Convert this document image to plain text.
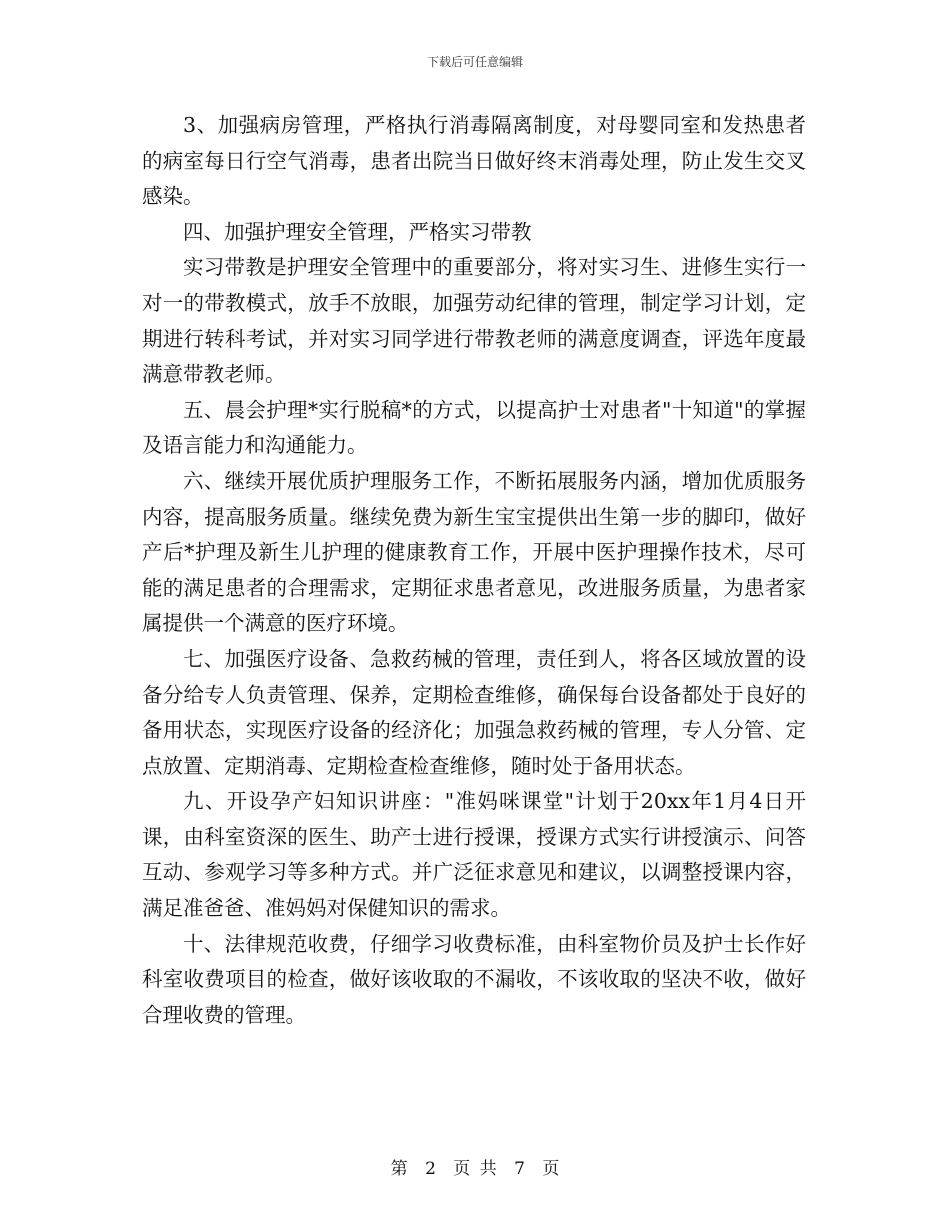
下载后可任意编辑

3、加强病房管理，严格执行消毒隔离制度，对母婴同室和发热患者的病室每日行空气消毒，患者出院当日做好终末消毒处理，防止发生交叉感染。

四、加强护理安全管理，严格实习带教

实习带教是护理安全管理中的重要部分，将对实习生、进修生实行一对一的带教模式，放手不放眼，加强劳动纪律的管理，制定学习计划，定期进行转科考试，并对实习同学进行带教老师的满意度调查，评选年度最满意带教老师。

五、晨会护理*实行脱稿*的方式，以提高护士对患者"十知道"的掌握及语言能力和沟通能力。

六、继续开展优质护理服务工作，不断拓展服务内涵，增加优质服务内容，提高服务质量。继续免费为新生宝宝提供出生第一步的脚印，做好产后*护理及新生儿护理的健康教育工作，开展中医护理操作技术，尽可能的满足患者的合理需求，定期征求患者意见，改进服务质量，为患者家属提供一个满意的医疗环境。

七、加强医疗设备、急救药械的管理，责任到人，将各区域放置的设备分给专人负责管理、保养，定期检查维修，确保每台设备都处于良好的备用状态，实现医疗设备的经济化；加强急救药械的管理，专人分管、定点放置、定期消毒、定期检查检查维修，随时处于备用状态。

九、开设孕产妇知识讲座："准妈咪课堂"计划于20xx年1月4日开课，由科室资深的医生、助产士进行授课，授课方式实行讲授演示、问答互动、参观学习等多种方式。并广泛征求意见和建议，以调整授课内容，满足准爸爸、准妈妈对保健知识的需求。

十、法律规范收费，仔细学习收费标准，由科室物价员及护士长作好科室收费项目的检查，做好该收取的不漏收，不该收取的坚决不收，做好合理收费的管理。

第 2 页 共 7 页
